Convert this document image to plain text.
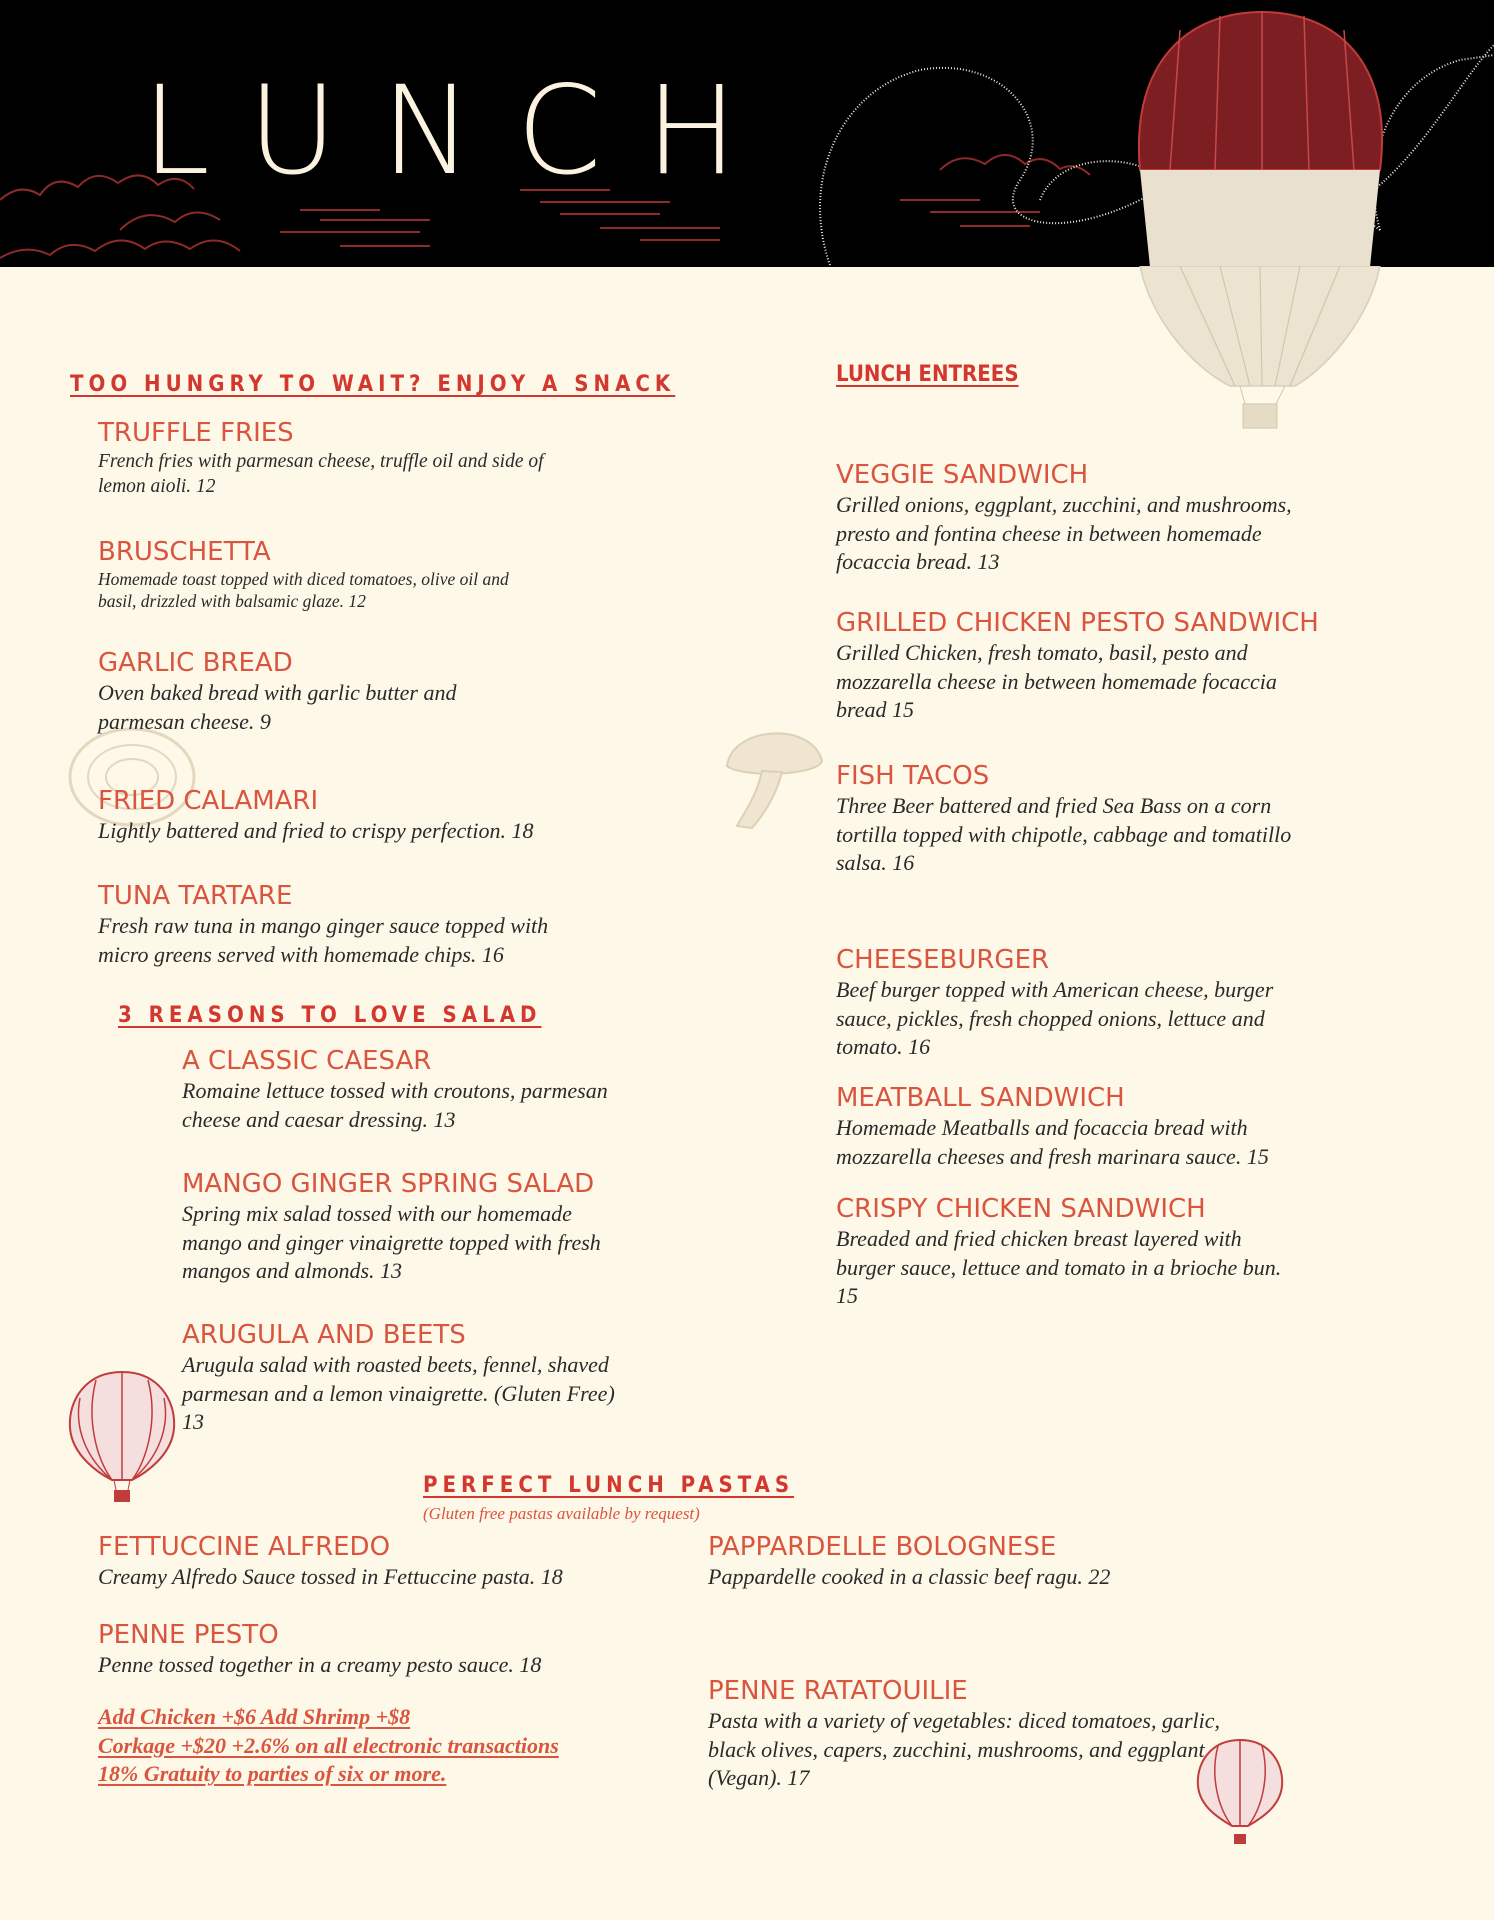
LUNCH
TOO HUNGRY TO WAIT? ENJOY A SNACK
TRUFFLE FRIES
French fries with parmesan cheese, truffle oil and side of lemon aioli. 12
BRUSCHETTA
Homemade toast topped with diced tomatoes, olive oil and basil, drizzled with balsamic glaze. 12
GARLIC BREAD
Oven baked bread with garlic butter and parmesan cheese. 9
FRIED CALAMARI
Lightly battered and fried to crispy perfection. 18
TUNA TARTARE
Fresh raw tuna in mango ginger sauce topped with micro greens served with homemade chips. 16
3 REASONS TO LOVE SALAD
A CLASSIC CAESAR
Romaine lettuce tossed with croutons, parmesan cheese and caesar dressing. 13
MANGO GINGER SPRING SALAD
Spring mix salad tossed with our homemade mango and ginger vinaigrette topped with fresh mangos and almonds. 13
ARUGULA AND BEETS
Arugula salad with roasted beets, fennel, shaved parmesan and a lemon vinaigrette. (Gluten Free) 13
LUNCH ENTREES
VEGGIE SANDWICH
Grilled onions, eggplant, zucchini, and mushrooms, presto and fontina cheese in between homemade focaccia bread. 13
GRILLED CHICKEN PESTO SANDWICH
Grilled Chicken, fresh tomato, basil, pesto and mozzarella cheese in between homemade focaccia bread 15
FISH TACOS
Three Beer battered and fried Sea Bass on a corn tortilla topped with chipotle, cabbage and tomatillo salsa. 16
CHEESEBURGER
Beef burger topped with American cheese, burger sauce, pickles, fresh chopped onions, lettuce and tomato. 16
MEATBALL SANDWICH
Homemade Meatballs and focaccia bread with mozzarella cheeses and fresh marinara sauce. 15
CRISPY CHICKEN SANDWICH
Breaded and fried chicken breast layered with burger sauce, lettuce and tomato in a brioche bun. 15
PERFECT LUNCH PASTAS
(Gluten free pastas available by request)
FETTUCCINE ALFREDO
Creamy Alfredo Sauce tossed in Fettuccine pasta. 18
PENNE PESTO
Penne tossed together in a creamy pesto sauce. 18
PAPPARDELLE BOLOGNESE
Pappardelle cooked in a classic beef ragu. 22
PENNE RATATOUILIE
Pasta with a variety of vegetables: diced tomatoes, garlic, black olives, capers, zucchini, mushrooms, and eggplant (Vegan). 17
Add Chicken +$6 Add Shrimp +$8
Corkage +$20 +2.6% on all electronic transactions
18% Gratuity to parties of six or more.
